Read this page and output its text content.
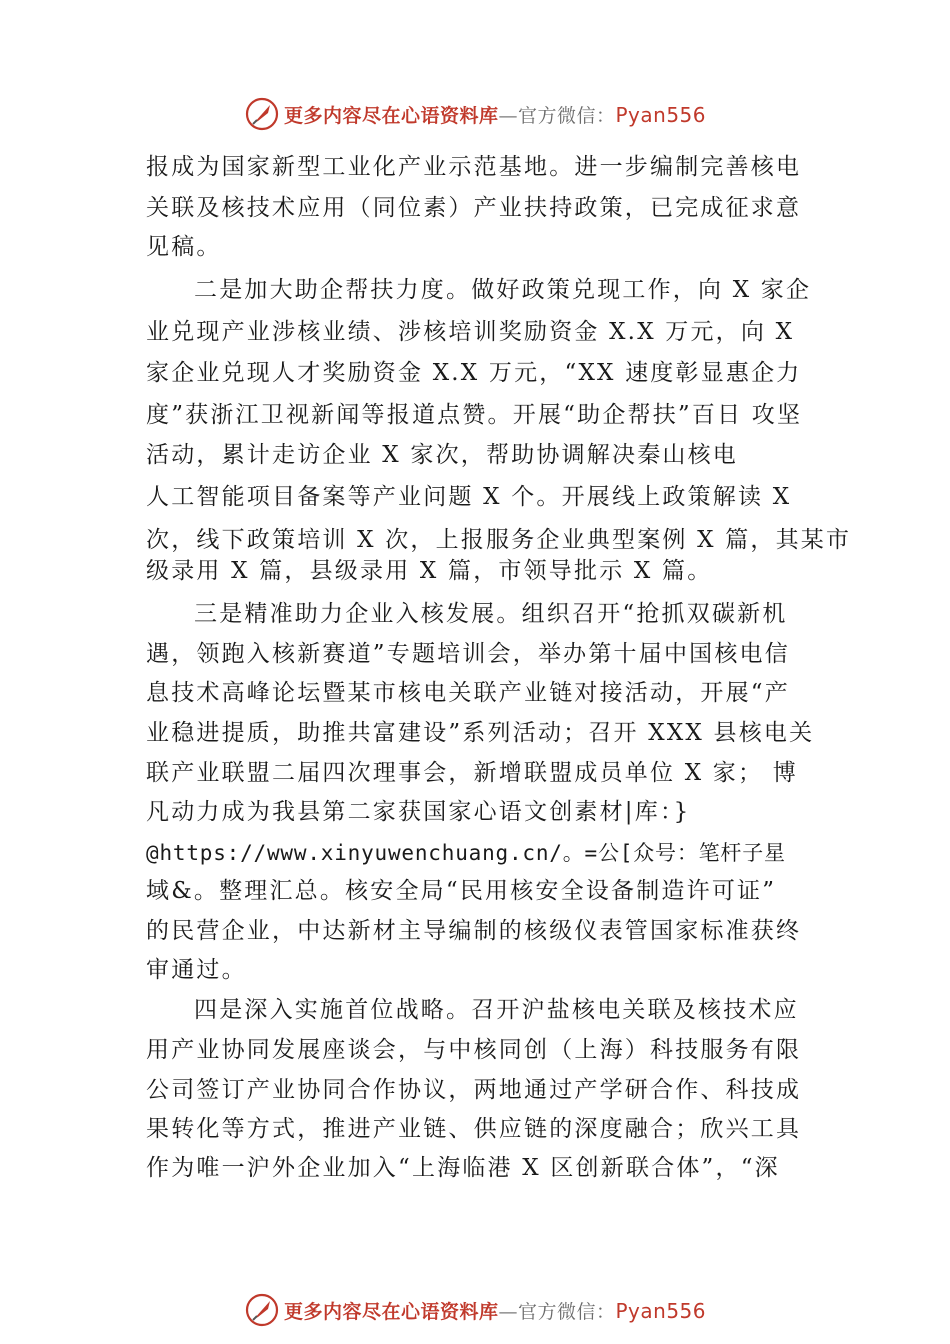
更多内容尽在心语资料库—官方微信：Pyan556
报成为国家新型工业化产业示范基地。进一步编制完善核电
关联及核技术应用（同位素）产业扶持政策，已完成征求意
见稿。
二是加大助企帮扶力度。做好政策兑现工作，向 X 家企
业兑现产业涉核业绩、涉核培训奖励资金 X.X 万元，向 X
家企业兑现人才奖励资金 X.X 万元，“XX 速度彰显惠企力
度”获浙江卫视新闻等报道点赞。开展“助企帮扶”百日 攻坚
活动，累计走访企业 X 家次，帮助协调解决秦山核电
人工智能项目备案等产业问题 X 个。开展线上政策解读 X
次，线下政策培训 X 次，上报服务企业典型案例 X 篇，其某市
级录用 X 篇，县级录用 X 篇，市领导批示 X 篇。
三是精准助力企业入核发展。组织召开“抢抓双碳新机
遇，领跑入核新赛道”专题培训会，举办第十届中国核电信
息技术高峰论坛暨某市核电关联产业链对接活动，开展“产
业稳进提质，助推共富建设”系列活动；召开 XXX 县核电关
联产业联盟二届四次理事会，新增联盟成员单位 X 家； 博
凡动力成为我县第二家获国家心语文创素材|库：}
@https://www.xinyuwenchuang.cn/。=公[众号：笔杆子星
域&。整理汇总。核安全局“民用核安全设备制造许可证”
的民营企业，中达新材主导编制的核级仪表管国家标准获终
审通过。
四是深入实施首位战略。召开沪盐核电关联及核技术应
用产业协同发展座谈会，与中核同创（上海）科技服务有限
公司签订产业协同合作协议，两地通过产学研合作、科技成
果转化等方式，推进产业链、供应链的深度融合；欣兴工具
作为唯一沪外企业加入“上海临港 X 区创新联合体”，“深
更多内容尽在心语资料库—官方微信：Pyan556
